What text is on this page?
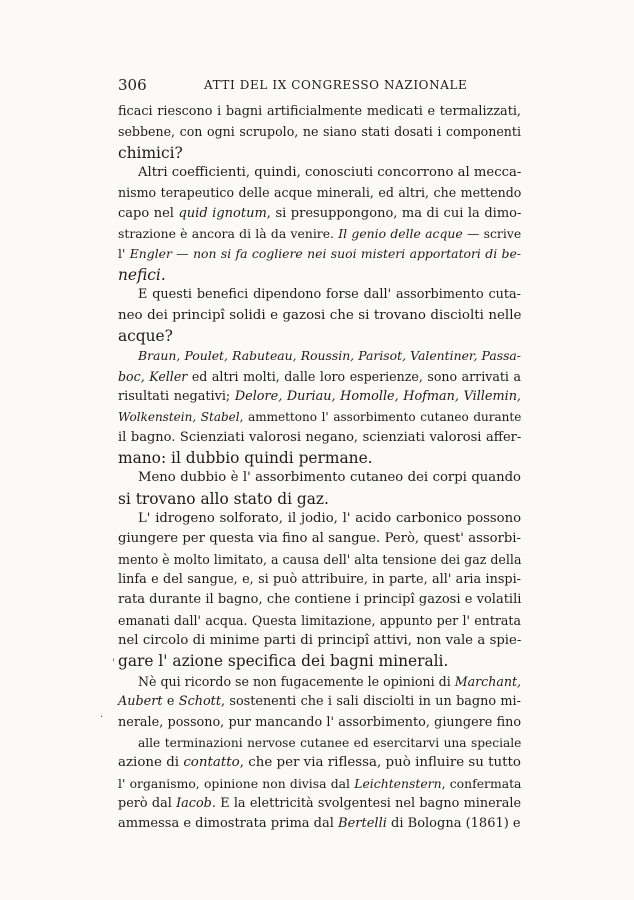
306	ATTI DEL IX CONGRESSO NAZIONALE
ficaci riescono i bagni artificialmente medicati e termalizzati,
sebbene, con ogni scrupolo, ne siano stati dosati i componenti
chimici?
Altri coefficienti, quindi, conosciuti concorrono al mecca-
nismo terapeutico delle acque minerali, ed altri, che mettendo
capo nel quid ignotum, si presuppongono, ma di cui la dimo-
strazione è ancora di là da venire. Il genio delle acque — scrive
l' Engler — non si fa cogliere nei suoi misteri apportatori di be-
nefici.
E questi benefici dipendono forse dall' assorbimento cuta-
neo dei principî solidi e gazosi che si trovano disciolti nelle
acque?
Braun, Poulet, Rabuteau, Roussin, Parisot, Valentiner, Passa-
boc, Keller ed altri molti, dalle loro esperienze, sono arrivati a
risultati negativi; Delore, Duriau, Homolle, Hofman, Villemin,
Wolkenstein, Stabel, ammettono l' assorbimento cutaneo durante
il bagno. Scienziati valorosi negano, scienziati valorosi affer-
mano: il dubbio quindi permane.
Meno dubbio è l' assorbimento cutaneo dei corpi quando
si trovano allo stato di gaz.
L' idrogeno solforato, il jodio, l' acido carbonico possono
giungere per questa via fino al sangue. Però, quest' assorbi-
mento è molto limitato, a causa dell' alta tensione dei gaz della
linfa e del sangue, e, si può attribuire, in parte, all' aria inspi-
rata durante il bagno, che contiene i principî gazosi e volatili
emanati dall' acqua. Questa limitazione, appunto per l' entrata
nel circolo di minime parti di principî attivi, non vale a spie-
gare l' azione specifica dei bagni minerali.
Nè qui ricordo se non fugacemente le opinioni di Marchant,
Aubert e Schott, sostenenti che i sali disciolti in un bagno mi-
nerale, possono, pur mancando l' assorbimento, giungere fino
alle terminazioni nervose cutanee ed esercitarvi una speciale
azione di contatto, che per via riflessa, può influire su tutto
l' organismo, opinione non divisa dal Leichtenstern, confermata
però dal Iacob. E la elettricità svolgentesi nel bagno minerale
ammessa e dimostrata prima dal Bertelli di Bologna (1861) e
'
·
